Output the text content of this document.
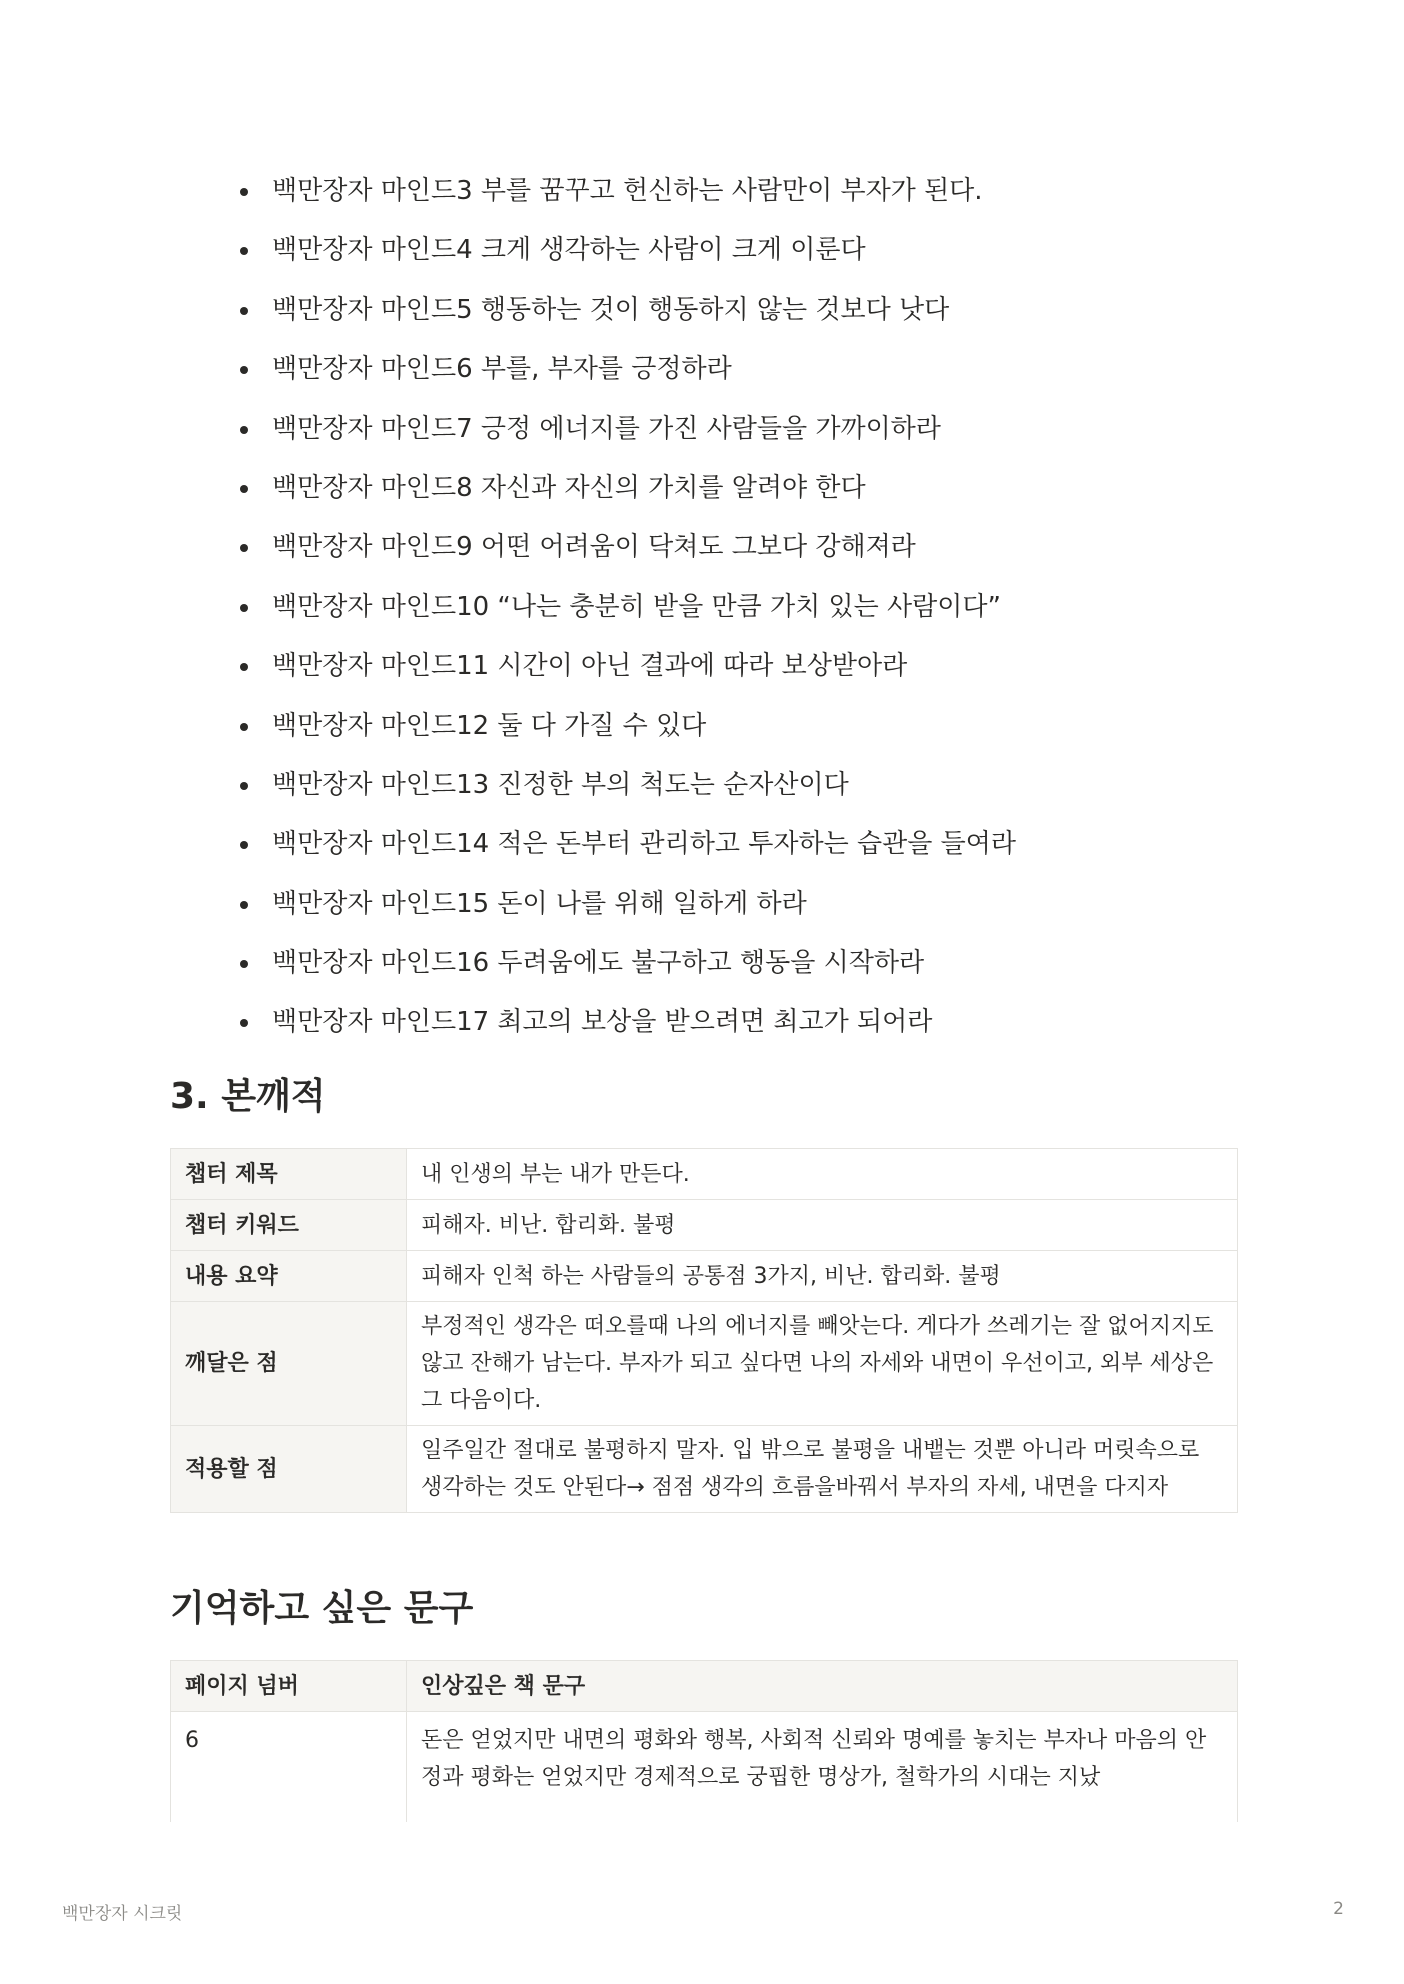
백만장자 마인드3 부를 꿈꾸고 헌신하는 사람만이 부자가 된다.
백만장자 마인드4 크게 생각하는 사람이 크게 이룬다
백만장자 마인드5 행동하는 것이 행동하지 않는 것보다 낫다
백만장자 마인드6 부를, 부자를 긍정하라
백만장자 마인드7 긍정 에너지를 가진 사람들을 가까이하라
백만장자 마인드8 자신과 자신의 가치를 알려야 한다
백만장자 마인드9 어떤 어려움이 닥쳐도 그보다 강해져라
백만장자 마인드10 “나는 충분히 받을 만큼 가치 있는 사람이다”
백만장자 마인드11 시간이 아닌 결과에 따라 보상받아라
백만장자 마인드12 둘 다 가질 수 있다
백만장자 마인드13 진정한 부의 척도는 순자산이다
백만장자 마인드14 적은 돈부터 관리하고 투자하는 습관을 들여라
백만장자 마인드15 돈이 나를 위해 일하게 하라
백만장자 마인드16 두려움에도 불구하고 행동을 시작하라
백만장자 마인드17 최고의 보상을 받으려면 최고가 되어라
3. 본깨적
챕터 제목	내 인생의 부는 내가 만든다.
챕터 키워드	피해자. 비난. 합리화. 불평
내용 요약	피해자 인척 하는 사람들의 공통점 3가지, 비난. 합리화. 불평
깨달은 점	부정적인 생각은 떠오를때 나의 에너지를 빼앗는다. 게다가 쓰레기는 잘 없어지지도 않고 잔해가 남는다. 부자가 되고 싶다면 나의 자세와 내면이 우선이고, 외부 세상은 그 다음이다.
적용할 점	일주일간 절대로 불평하지 말자. 입 밖으로 불평을 내뱉는 것뿐 아니라 머릿속으로 생각하는 것도 안된다→ 점점 생각의 흐름을바꿔서 부자의 자세, 내면을 다지자
기억하고 싶은 문구
페이지 넘버	인상깊은 책 문구
6	돈은 얻었지만 내면의 평화와 행복, 사회적 신뢰와 명예를 놓치는 부자나 마음의 안정과 평화는 얻었지만 경제적으로 궁핍한 명상가, 철학가의 시대는 지났
백만장자 시크릿	2
